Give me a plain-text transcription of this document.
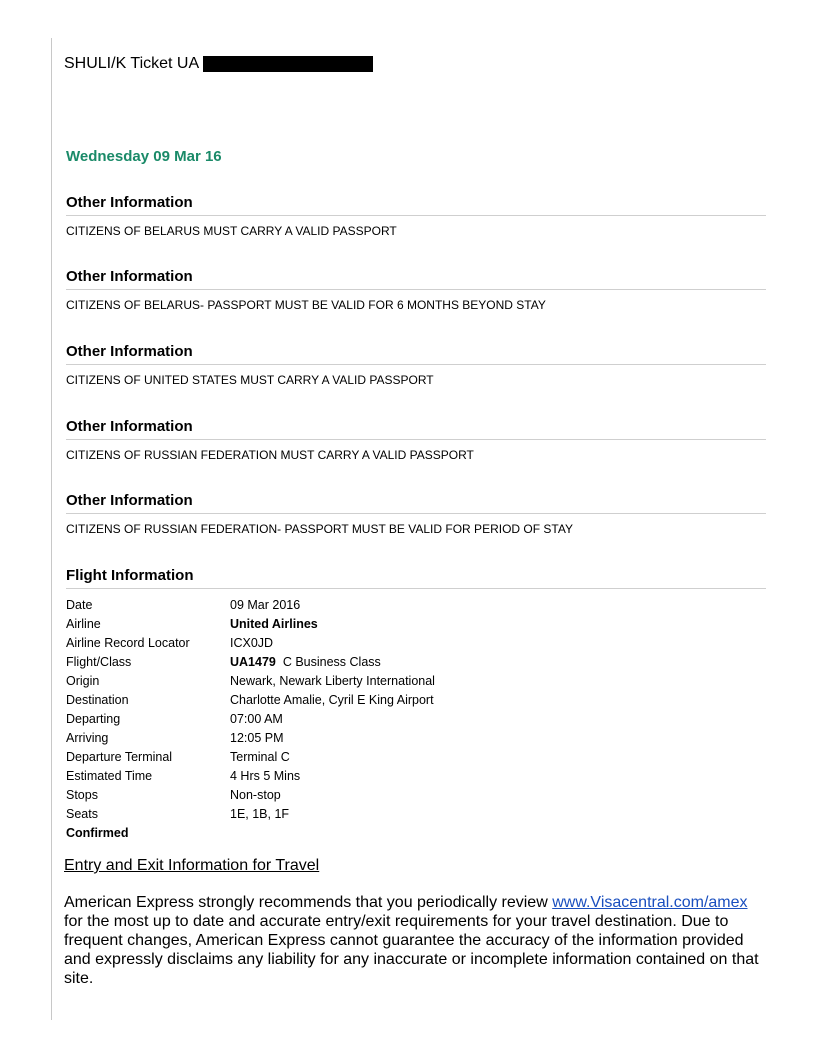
SHULI/K Ticket UA
Wednesday 09 Mar 16
Other Information

CITIZENS OF BELARUS MUST CARRY A VALID PASSPORT

Other Information

CITIZENS OF BELARUS- PASSPORT MUST BE VALID FOR 6 MONTHS BEYOND STAY

Other Information

CITIZENS OF UNITED STATES MUST CARRY A VALID PASSPORT

Other Information

CITIZENS OF RUSSIAN FEDERATION MUST CARRY A VALID PASSPORT

Other Information

CITIZENS OF RUSSIAN FEDERATION- PASSPORT MUST BE VALID FOR PERIOD OF STAY

Flight Information
Date	09 Mar 2016
Airline	United Airlines
Airline Record Locator	ICX0JD
Flight/Class	UA1479 C Business Class
Origin	Newark, Newark Liberty International
Destination	Charlotte Amalie, Cyril E King Airport
Departing	07:00 AM
Arriving	12:05 PM
Departure Terminal	Terminal C
Estimated Time	4 Hrs 5 Mins
Stops	Non-stop
Seats	1E, 1B, 1F
Confirmed	
Entry and Exit Information for Travel

American Express strongly recommends that you periodically review www.Visacentral.com/amex for the most up to date and accurate entry/exit requirements for your travel destination. Due to frequent changes, American Express cannot guarantee the accuracy of the information provided and expressly disclaims any liability for any inaccurate or incomplete information contained on that site.
